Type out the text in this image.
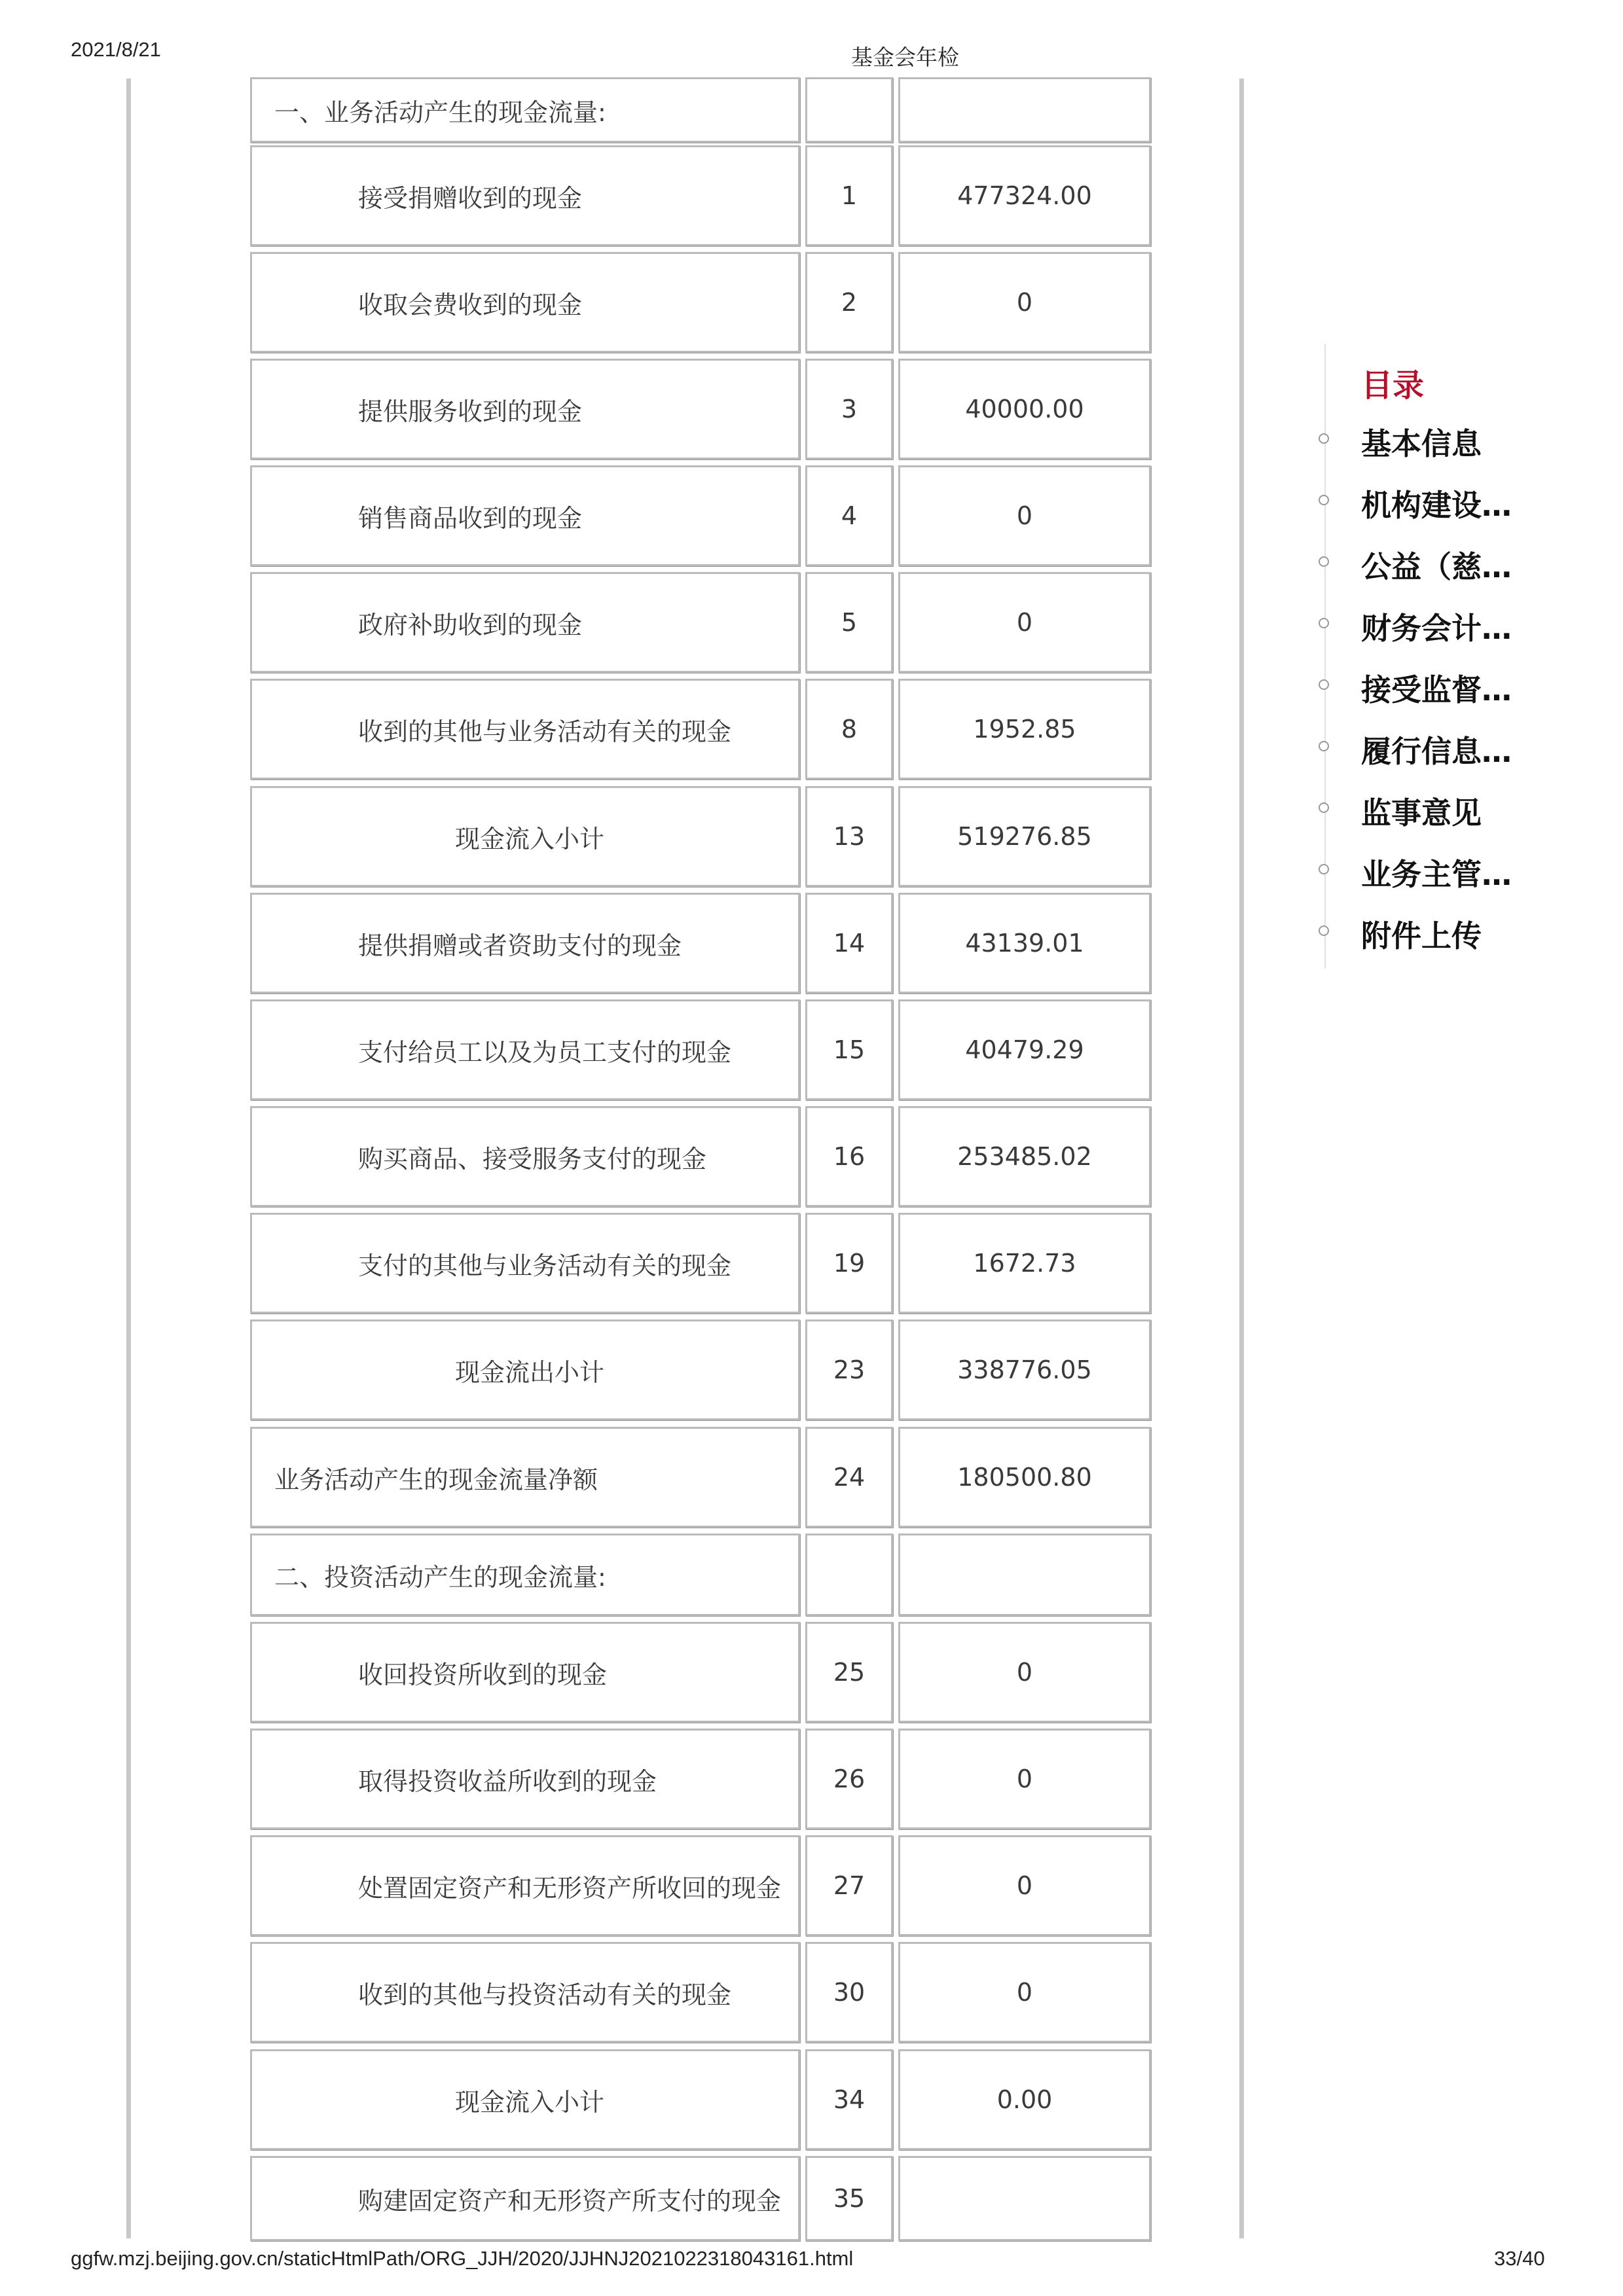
2021/8/21	基金会年检
一、业务活动产生的现金流量:
接受捐赠收到的现金	1	477324.00
收取会费收到的现金	2	0
提供服务收到的现金	3	40000.00
销售商品收到的现金	4	0
政府补助收到的现金	5	0
收到的其他与业务活动有关的现金	8	1952.85
现金流入小计	13	519276.85
提供捐赠或者资助支付的现金	14	43139.01
支付给员工以及为员工支付的现金	15	40479.29
购买商品、接受服务支付的现金	16	253485.02
支付的其他与业务活动有关的现金	19	1672.73
现金流出小计	23	338776.05
业务活动产生的现金流量净额	24	180500.80
二、投资活动产生的现金流量:
收回投资所收到的现金	25	0
取得投资收益所收到的现金	26	0
处置固定资产和无形资产所收回的现金	27	0
收到的其他与投资活动有关的现金	30	0
现金流入小计	34	0.00
购建固定资产和无形资产所支付的现金	35
目录
基本信息
机构建设…
公益（慈…
财务会计…
接受监督…
履行信息…
监事意见
业务主管…
附件上传
ggfw.mzj.beijing.gov.cn/staticHtmlPath/ORG_JJH/2020/JJHNJ2021022318043161.html	33/40
